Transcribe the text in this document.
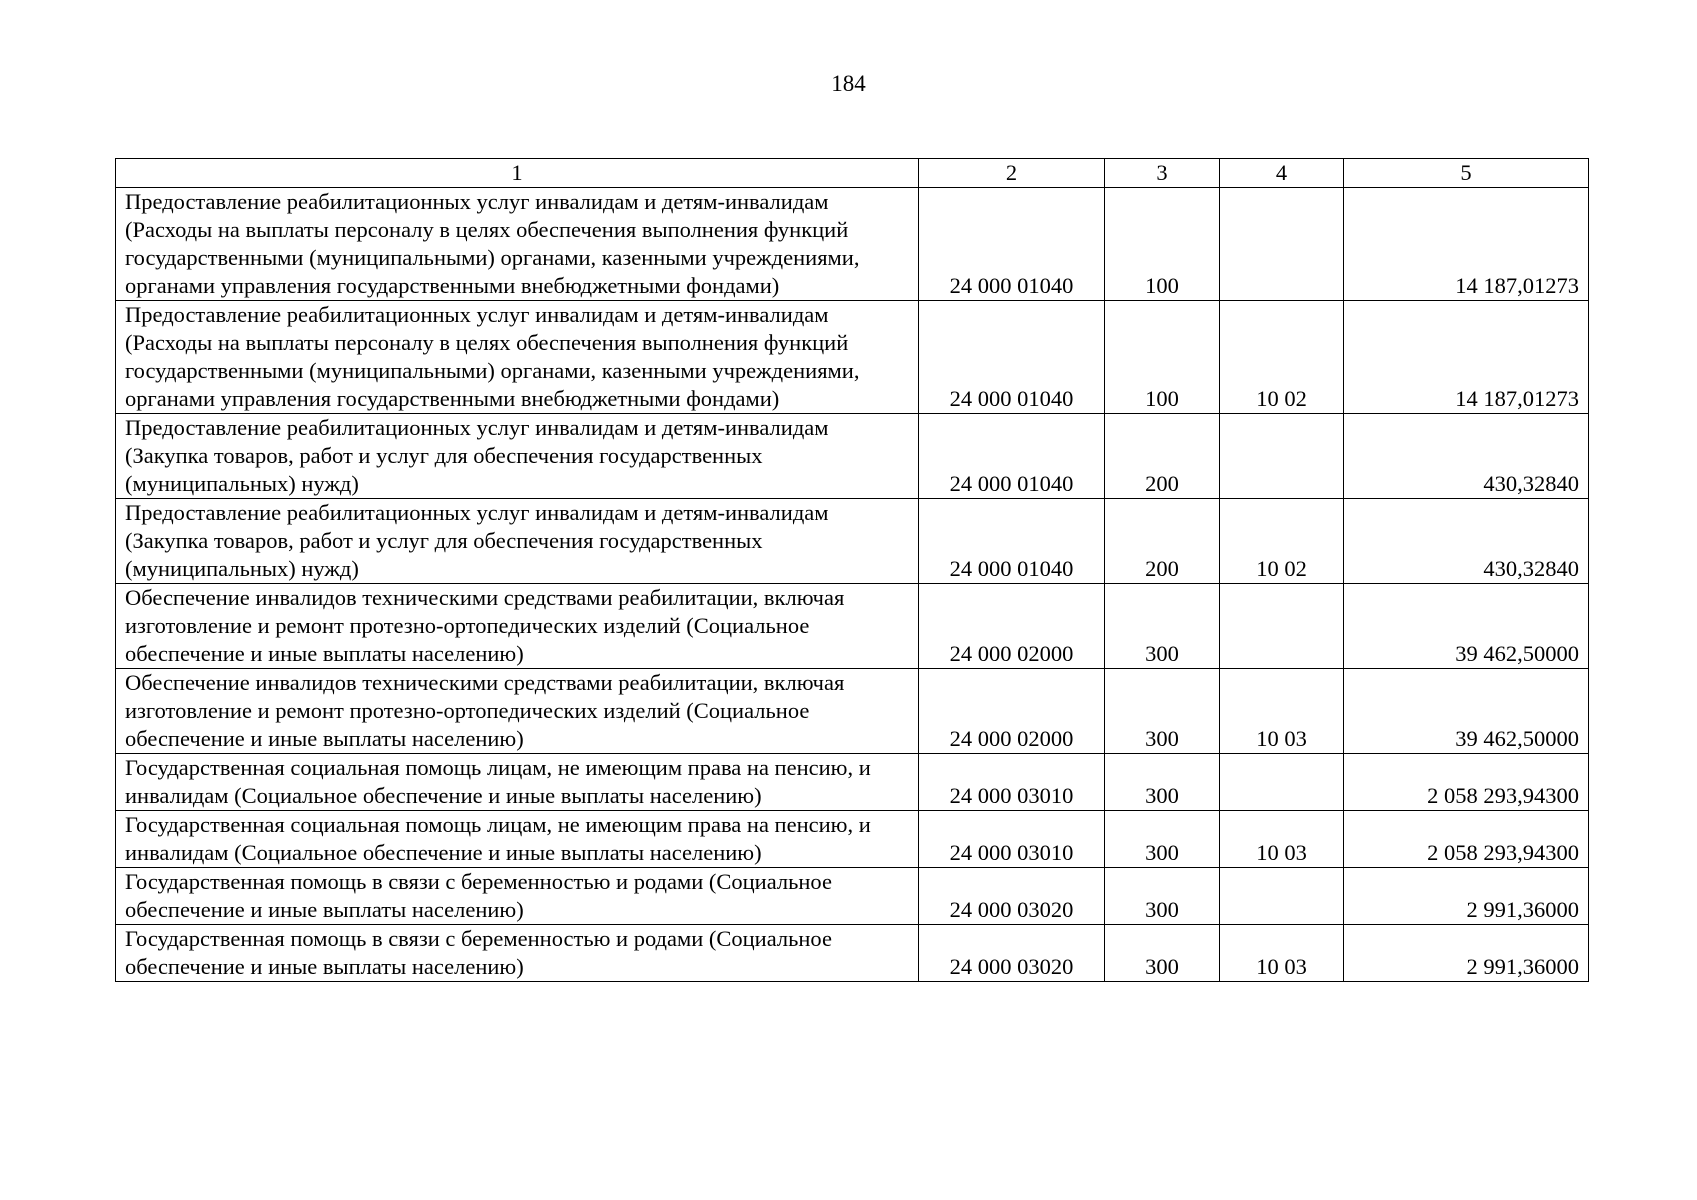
184
1	2	3	4	5
Предоставление реабилитационных услуг инвалидам и детям-инвалидам (Расходы на выплаты персоналу в целях обеспечения выполнения функций государственными (муниципальными) органами, казенными учреждениями, органами управления государственными внебюджетными фондами)	24 000 01040	100		14 187,01273
Предоставление реабилитационных услуг инвалидам и детям-инвалидам (Расходы на выплаты персоналу в целях обеспечения выполнения функций государственными (муниципальными) органами, казенными учреждениями, органами управления государственными внебюджетными фондами)	24 000 01040	100	10 02	14 187,01273
Предоставление реабилитационных услуг инвалидам и детям-инвалидам (Закупка товаров, работ и услуг для обеспечения государственных (муниципальных) нужд)	24 000 01040	200		430,32840
Предоставление реабилитационных услуг инвалидам и детям-инвалидам (Закупка товаров, работ и услуг для обеспечения государственных (муниципальных) нужд)	24 000 01040	200	10 02	430,32840
Обеспечение инвалидов техническими средствами реабилитации, включая изготовление и ремонт протезно-ортопедических изделий (Социальное обеспечение и иные выплаты населению)	24 000 02000	300		39 462,50000
Обеспечение инвалидов техническими средствами реабилитации, включая изготовление и ремонт протезно-ортопедических изделий (Социальное обеспечение и иные выплаты населению)	24 000 02000	300	10 03	39 462,50000
Государственная социальная помощь лицам, не имеющим права на пенсию, и инвалидам (Социальное обеспечение и иные выплаты населению)	24 000 03010	300		2 058 293,94300
Государственная социальная помощь лицам, не имеющим права на пенсию, и инвалидам (Социальное обеспечение и иные выплаты населению)	24 000 03010	300	10 03	2 058 293,94300
Государственная помощь в связи с беременностью и родами (Социальное обеспечение и иные выплаты населению)	24 000 03020	300		2 991,36000
Государственная помощь в связи с беременностью и родами (Социальное обеспечение и иные выплаты населению)	24 000 03020	300	10 03	2 991,36000
